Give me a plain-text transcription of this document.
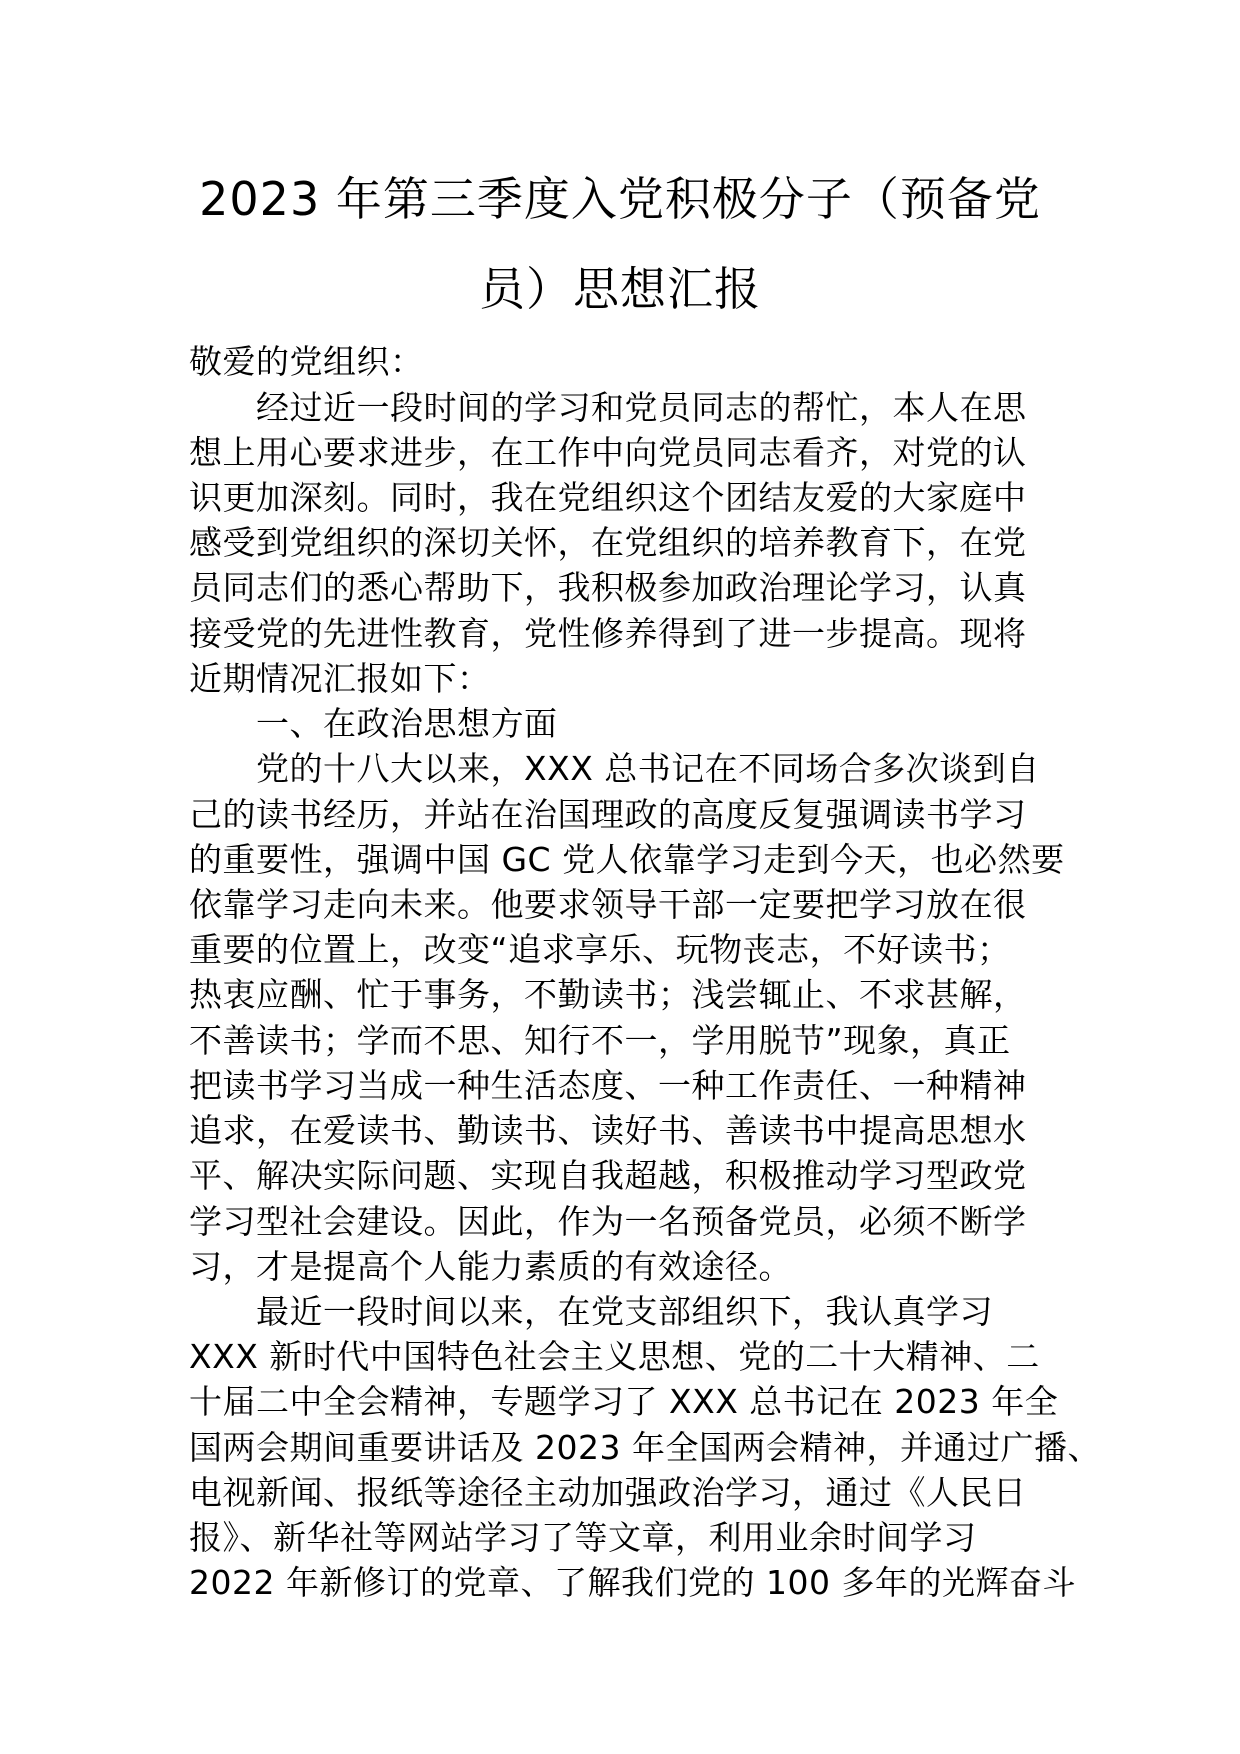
2023 年第三季度入党积极分子（预备党
员）思想汇报
敬爱的党组织：
　　经过近一段时间的学习和党员同志的帮忙，本人在思
想上用心要求进步，在工作中向党员同志看齐，对党的认
识更加深刻。同时，我在党组织这个团结友爱的大家庭中
感受到党组织的深切关怀，在党组织的培养教育下，在党
员同志们的悉心帮助下，我积极参加政治理论学习，认真
接受党的先进性教育，党性修养得到了进一步提高。现将
近期情况汇报如下：
　　一、在政治思想方面
　　党的十八大以来，XXX 总书记在不同场合多次谈到自
己的读书经历，并站在治国理政的高度反复强调读书学习
的重要性，强调中国 GC 党人依靠学习走到今天，也必然要
依靠学习走向未来。他要求领导干部一定要把学习放在很
重要的位置上，改变“追求享乐、玩物丧志，不好读书；
热衷应酬、忙于事务，不勤读书；浅尝辄止、不求甚解，
不善读书；学而不思、知行不一，学用脱节”现象，真正
把读书学习当成一种生活态度、一种工作责任、一种精神
追求，在爱读书、勤读书、读好书、善读书中提高思想水
平、解决实际问题、实现自我超越，积极推动学习型政党
学习型社会建设。因此，作为一名预备党员，必须不断学
习，才是提高个人能力素质的有效途径。
　　最近一段时间以来，在党支部组织下，我认真学习
XXX 新时代中国特色社会主义思想、党的二十大精神、二
十届二中全会精神，专题学习了 XXX 总书记在 2023 年全
国两会期间重要讲话及 2023 年全国两会精神，并通过广播、
电视新闻、报纸等途径主动加强政治学习，通过《人民日
报》、新华社等网站学习了等文章，利用业余时间学习
2022 年新修订的党章、了解我们党的 100 多年的光辉奋斗
